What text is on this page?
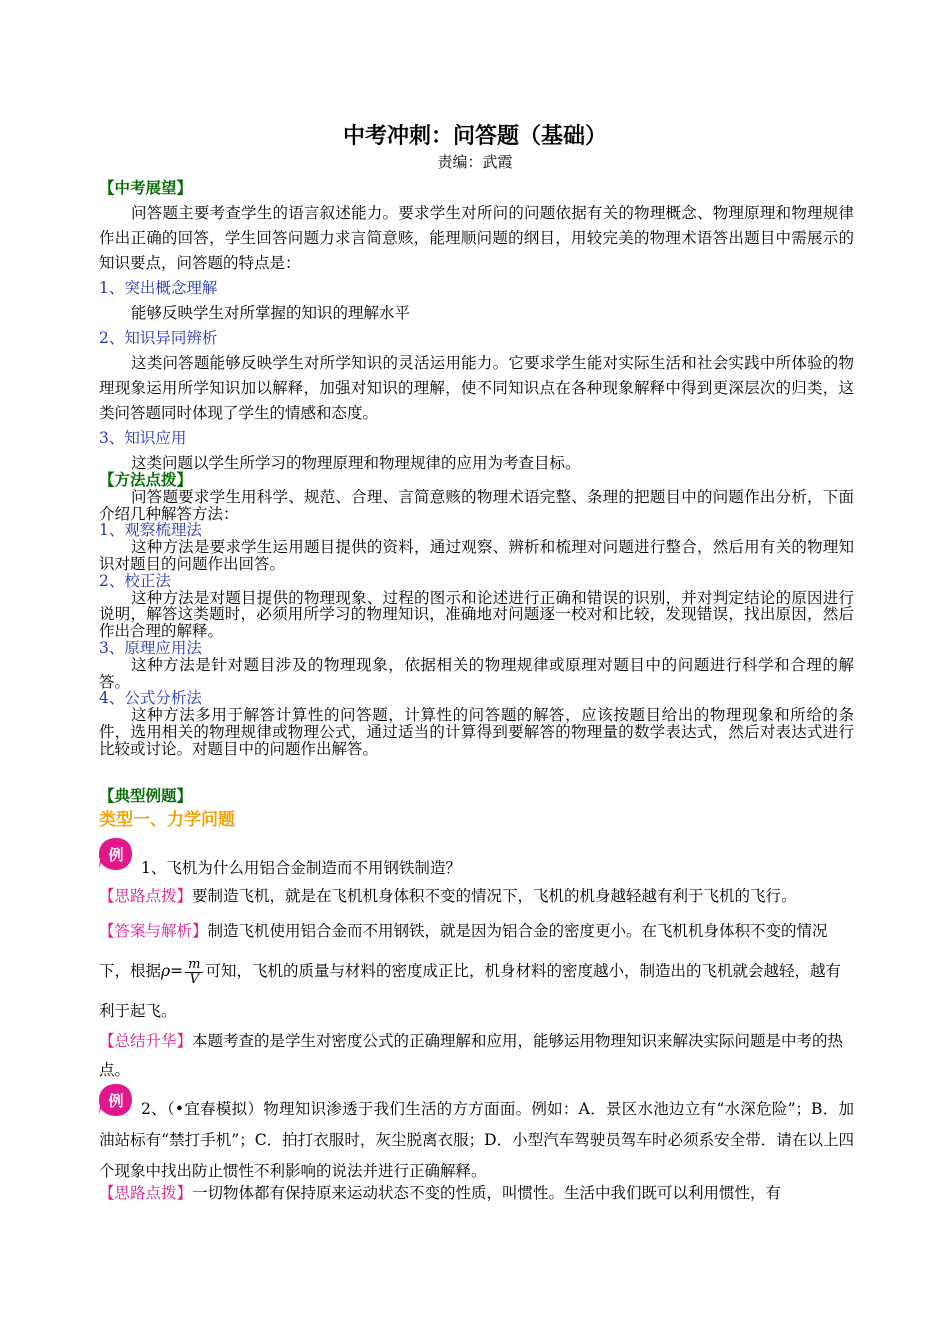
中考冲刺：问答题（基础）
责编：武霞
【中考展望】
问答题主要考查学生的语言叙述能力。要求学生对所问的问题依据有关的物理概念、物理原理和物理规律作出正确的回答，学生回答问题力求言简意赅，能理顺问题的纲目，用较完美的物理术语答出题目中需展示的知识要点，问答题的特点是：
1、突出概念理解
能够反映学生对所掌握的知识的理解水平
2、知识异同辨析
这类问答题能够反映学生对所学知识的灵活运用能力。它要求学生能对实际生活和社会实践中所体验的物理现象运用所学知识加以解释，加强对知识的理解，使不同知识点在各种现象解释中得到更深层次的归类，这类问答题同时体现了学生的情感和态度。
3、知识应用
这类问题以学生所学习的物理原理和物理规律的应用为考查目标。
【方法点拨】
问答题要求学生用科学、规范、合理、言简意赅的物理术语完整、条理的把题目中的问题作出分析，下面介绍几种解答方法：
1、观察梳理法
这种方法是要求学生运用题目提供的资料，通过观察、辨析和梳理对问题进行整合，然后用有关的物理知识对题目的问题作出回答。
2、校正法
这种方法是对题目提供的物理现象、过程的图示和论述进行正确和错误的识别，并对判定结论的原因进行说明，解答这类题时，必须用所学习的物理知识，准确地对问题逐一校对和比较，发现错误，找出原因，然后作出合理的解释。
3、原理应用法
这种方法是针对题目涉及的物理现象，依据相关的物理规律或原理对题目中的问题进行科学和合理的解答。
4、公式分析法
这种方法多用于解答计算性的问答题，计算性的问答题的解答，应该按题目给出的物理现象和所给的条件，选用相关的物理规律或物理公式，通过适当的计算得到要解答的物理量的数学表达式，然后对表达式进行比较或讨论。对题目中的问题作出解答。
【典型例题】
类型一、力学问题
例
1、飞机为什么用铝合金制造而不用钢铁制造？
【思路点拨】要制造飞机，就是在飞机机身体积不变的情况下，飞机的机身越轻越有利于飞机的飞行。
【答案与解析】制造飞机使用铝合金而不用钢铁，就是因为铝合金的密度更小。在飞机机身体积不变的情况下，根据$\rho= \frac{m}{V}$ 可知，飞机的质量与材料的密度成正比，机身材料的密度越小，制造出的飞机就会越轻，越有利于起飞。
【总结升华】本题考查的是学生对密度公式的正确理解和应用，能够运用物理知识来解决实际问题是中考的热点。
例	2、（•宜春模拟）物理知识渗透于我们生活的方方面面。例如：A．景区水池边立有“水深危险”；B．加油站标有“禁打手机”；C．拍打衣服时，灰尘脱离衣服；D．小型汽车驾驶员驾车时必须系安全带．请在以上四个现象中找出防止惯性不利影响的说法并进行正确解释。
【思路点拨】一切物体都有保持原来运动状态不变的性质，叫惯性。生活中我们既可以利用惯性，有
